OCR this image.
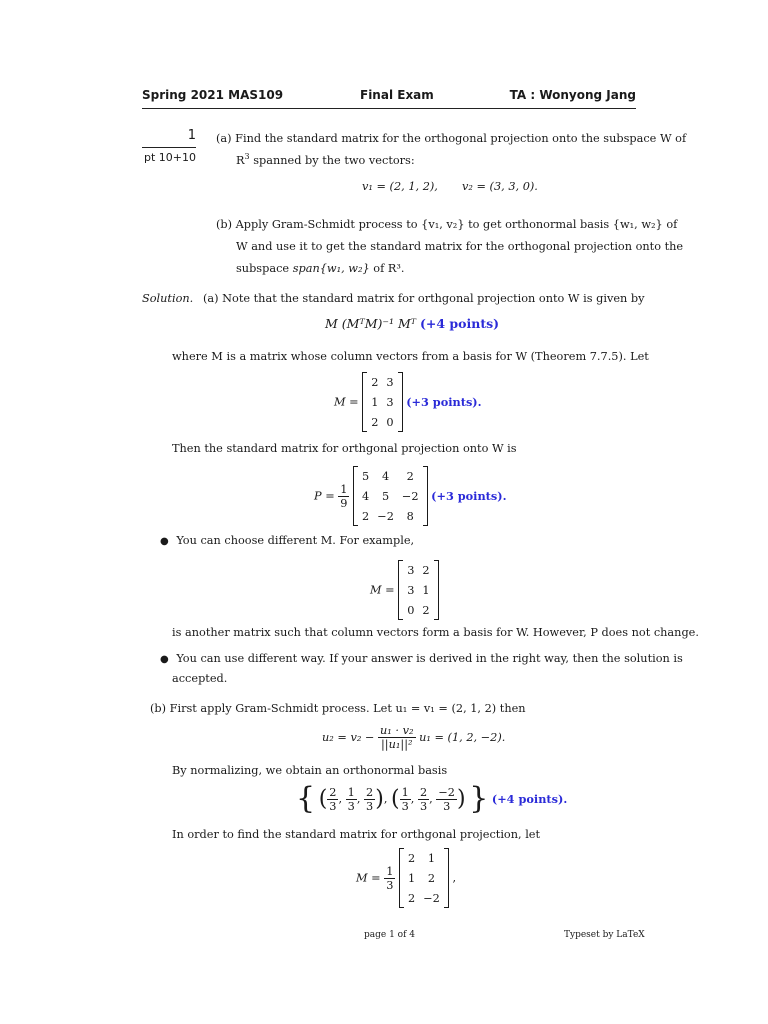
Spring 2021 MAS109	Final Exam	TA : Wonyong Jang
1
pt 10+10
(a) Find the standard matrix for the orthogonal projection onto the subspace W of
$R^3$ spanned by the two vectors:
v₁ = (2, 1, 2), v₂ = (3, 3, 0).
(b) Apply Gram-Schmidt process to {v₁, v₂} to get orthonormal basis {w₁, w₂} of
W and use it to get the standard matrix for the orthogonal projection onto the
subspace span{w₁, w₂} of R³.
Solution. (a) Note that the standard matrix for orthgonal projection onto W is given by
M (MᵀM)⁻¹ Mᵀ (+4 points)
where M is a matrix whose column vectors from a basis for W (Theorem 7.7.5). Let
M =
2	3
1	3
2	0
(+3 points).
Then the standard matrix for orthgonal projection onto W is
$P = \frac{1}{9}$

5	4	2
4	5	−2
2	−2	8
(+3 points).
● You can choose different M. For example,
M =
3	2
3	1
0	2
is another matrix such that column vectors form a basis for W. However, P does not change.
● You can use different way. If your answer is derived in the right way, then the solution is
accepted.
(b) First apply Gram-Schmidt process. Let u₁ = v₁ = (2, 1, 2) then
$u_2 = v_2 - \frac{\text{u₁ · v₂}}{\text{||u₁||²}} u_1 = (1$, 2, −2).
By normalizing, we obtain an orthonormal basis
{ ( $\frac{2}{3}$ , $\frac{1}{3}$ , $\frac{2}{3}$ ), ( $\frac{1}{3}$ , $\frac{2}{3}$ , $\frac{-2}{3}$ ) } (+4 points).
In order to find the standard matrix for orthgonal projection, let
$M = \frac{1}{3}$

2	1
1	2
2	−2
,
page 1 of 4	Typeset by LaTeX
